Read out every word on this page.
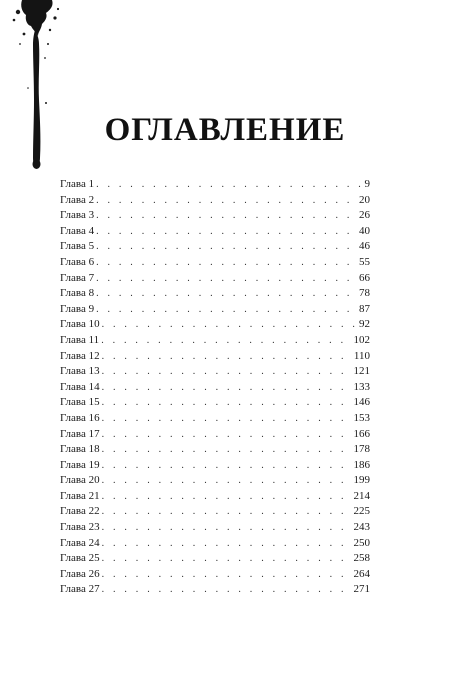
ОГЛАВЛЕНИЕ
Глава 1 . . .	9
Глава 2 . . .	20
Глава 3 . . .	26
Глава 4 . . .	40
Глава 5 . . .	46
Глава 6 . . .	55
Глава 7 . . .	66
Глава 8 . . .	78
Глава 9 . . .	87
Глава 10 . . .	92
Глава 11 . . .	102
Глава 12 . . .	110
Глава 13 . . .	121
Глава 14 . . .	133
Глава 15 . . .	146
Глава 16 . . .	153
Глава 17 . . .	166
Глава 18 . . .	178
Глава 19 . . .	186
Глава 20 . . .	199
Глава 21 . . .	214
Глава 22 . . .	225
Глава 23 . . .	243
Глава 24 . . .	250
Глава 25 . . .	258
Глава 26 . . .	264
Глава 27 . . .	271
